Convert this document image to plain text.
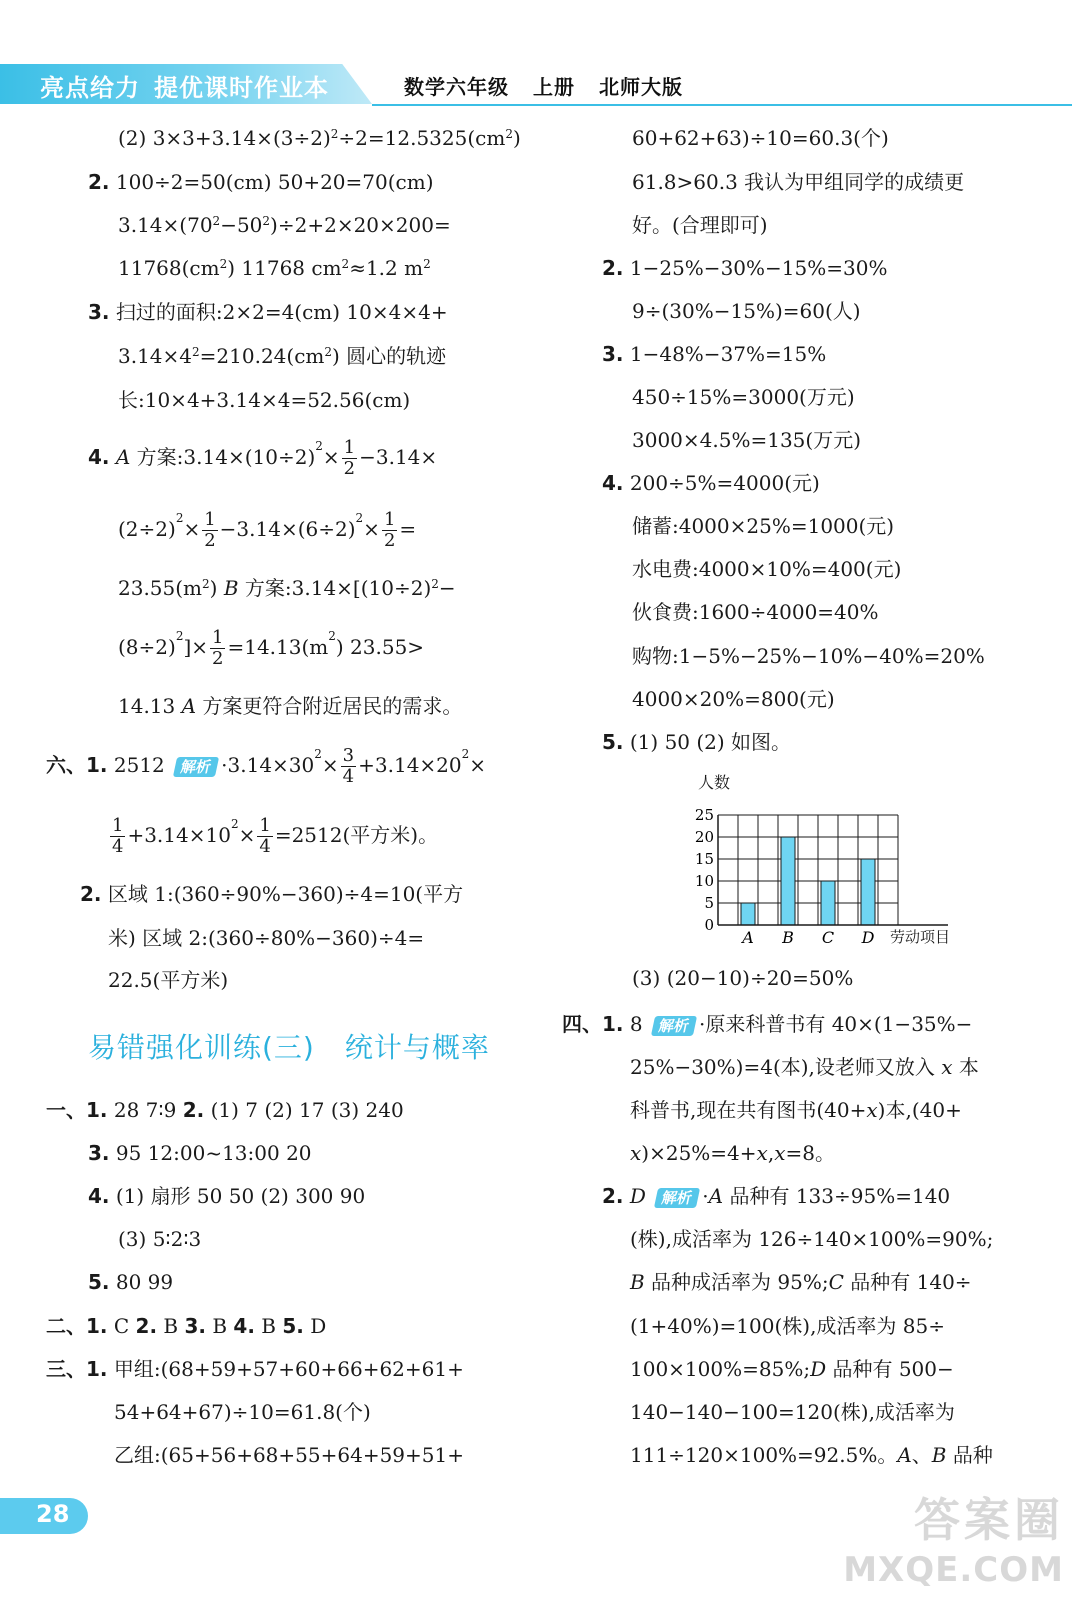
亮点给力 提优课时作业本	数学六年级 上册 北师大版
(2) $3\times 3+3.14\times(3\div 2)^2\div 2=12.5325(cm^2)$
2. 100÷2=50(cm) 50+20=70(cm)
$3.14\times(70^2-50^2)\div 2+2\times 20\times 200=$
$11768(cm^2)$ 11768 $cm^2\approx 1.2$ $m^2$
3. 扫过的面积:2×2=4(cm) 10×4×4+
$3.14\times 4^2=210.24(cm^2)$ 圆心的轨迹
长:10×4+3.14×4=52.56(cm)
4. A 方案$:3.14\times(10\div 2)^2\times \frac{1}{2} -3.14\times$
$(2\div 2)^2\times \frac{1}{2} -3.14\times(6\div 2)^2\times \frac{1}{2}$ =
$23.55(m^2)$ B 方案$:3.14\times[(10\div 2)^2-$
$(8\div 2)^2]\times \frac{1}{2} =14.13(m^2)$ 23.55>
14.13 A 方案更符合附近居民的需求。
六、1. 2512 解析 $\cdot 3.14\times 30^2\times \frac{3}{4} +3.14\times 20^2\times$
$\frac{1}{4} +3.14\times 10^2\times \frac{1}{4} =2512$(平方米)。
2. 区域 1:(360÷90%−360)÷4=10(平方
米) 区域 2:(360÷80%−360)÷4=
22.5(平方米)
易错强化训练(三) 统计与概率
一、1. 28 7∶9 2. (1) 7 (2) 17 (3) 240
3. 95 12:00~13:00 20
4. (1) 扇形 50 50 (2) 300 90
(3) 5∶2∶3
5. 80 99
二、1. C 2. B 3. B 4. B 5. D
三、1. 甲组:(68+59+57+60+66+62+61+
54+64+67)÷10=61.8(个)
乙组:(65+56+68+55+64+59+51+
60+62+63)÷10=60.3(个)
61.8>60.3 我认为甲组同学的成绩更
好。(合理即可)
2. 1−25%−30%−15%=30%
9÷(30%−15%)=60(人)
3. 1−48%−37%=15%
450÷15%=3000(万元)
3000×4.5%=135(万元)
4. 200÷5%=4000(元)
储蓄:4000×25%=1000(元)
水电费:4000×10%=400(元)
伙食费:1600÷4000=40%
购物:1−5%−25%−10%−40%=20%
4000×20%=800(元)
5. (1) 50 (2) 如图。
人数
0
5
10
15
20
25
A B C D 劳动项目
(3) (20−10)÷20=50%
四、1. 8 解析 ·原来科普书有 40×(1−35%−
25%−30%)=4(本),设老师又放入 x 本
科普书,现在共有图书(40+x)本,(40+
x)×25%=4+x,x=8。
2. D 解析 ·A 品种有 133÷95%=140
(株),成活率为 126÷140×100%=90%;
B 品种成活率为 95%;C 品种有 140÷
(1+40%)=100(株),成活率为 85÷
100×100%=85%;D 品种有 500−
140−140−100=120(株),成活率为
111÷120×100%=92.5%。A、B 品种
28	答案圈
MXQE.COM
